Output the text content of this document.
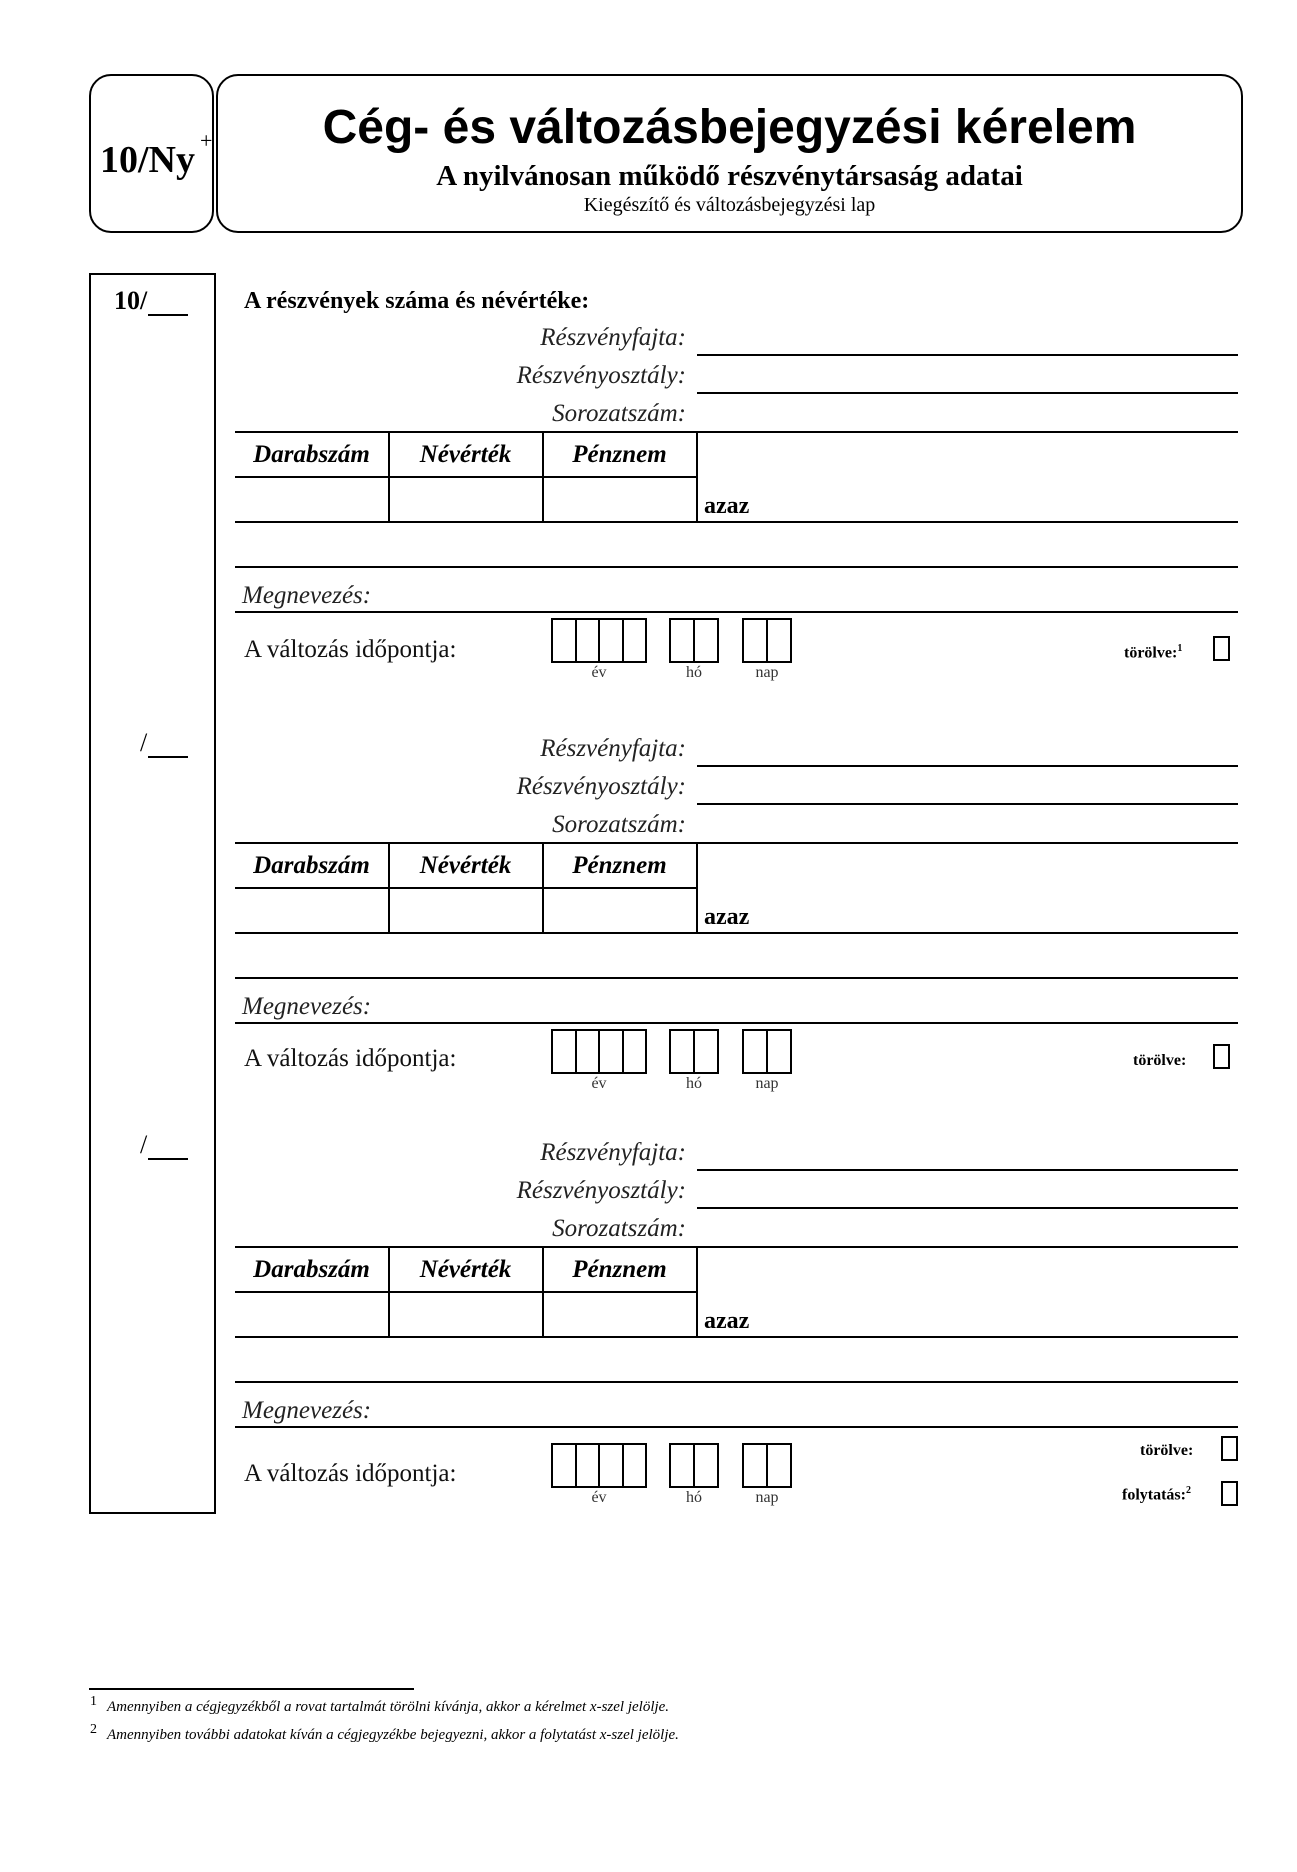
10/Ny +	Cég- és változásbejegyzési kérelem
A nyilvánosan működő részvénytársaság adatai
Kiegészítő és változásbejegyzési lap
10/
/
/
A részvények száma és névértéke:
Részvényfajta:
Részvényosztály:
Sorozatszám:
Darabszám	Névérték	Pénznem
azaz
Megnevezés:
A változás időpontja:
év	hó	nap
törölve:$^1$
Részvényfajta:
Részvényosztály:
Sorozatszám:
Darabszám	Névérték	Pénznem
azaz
Megnevezés:
A változás időpontja:
év	hó	nap
törölve:
Részvényfajta:
Részvényosztály:
Sorozatszám:
Darabszám	Névérték	Pénznem
azaz
Megnevezés:
A változás időpontja:
év	hó	nap
törölve:
folytatás:$^2$
1 Amennyiben a cégjegyzékből a rovat tartalmát törölni kívánja, akkor a kérelmet x-szel jelölje.
2 Amennyiben további adatokat kíván a cégjegyzékbe bejegyezni, akkor a folytatást x-szel jelölje.
